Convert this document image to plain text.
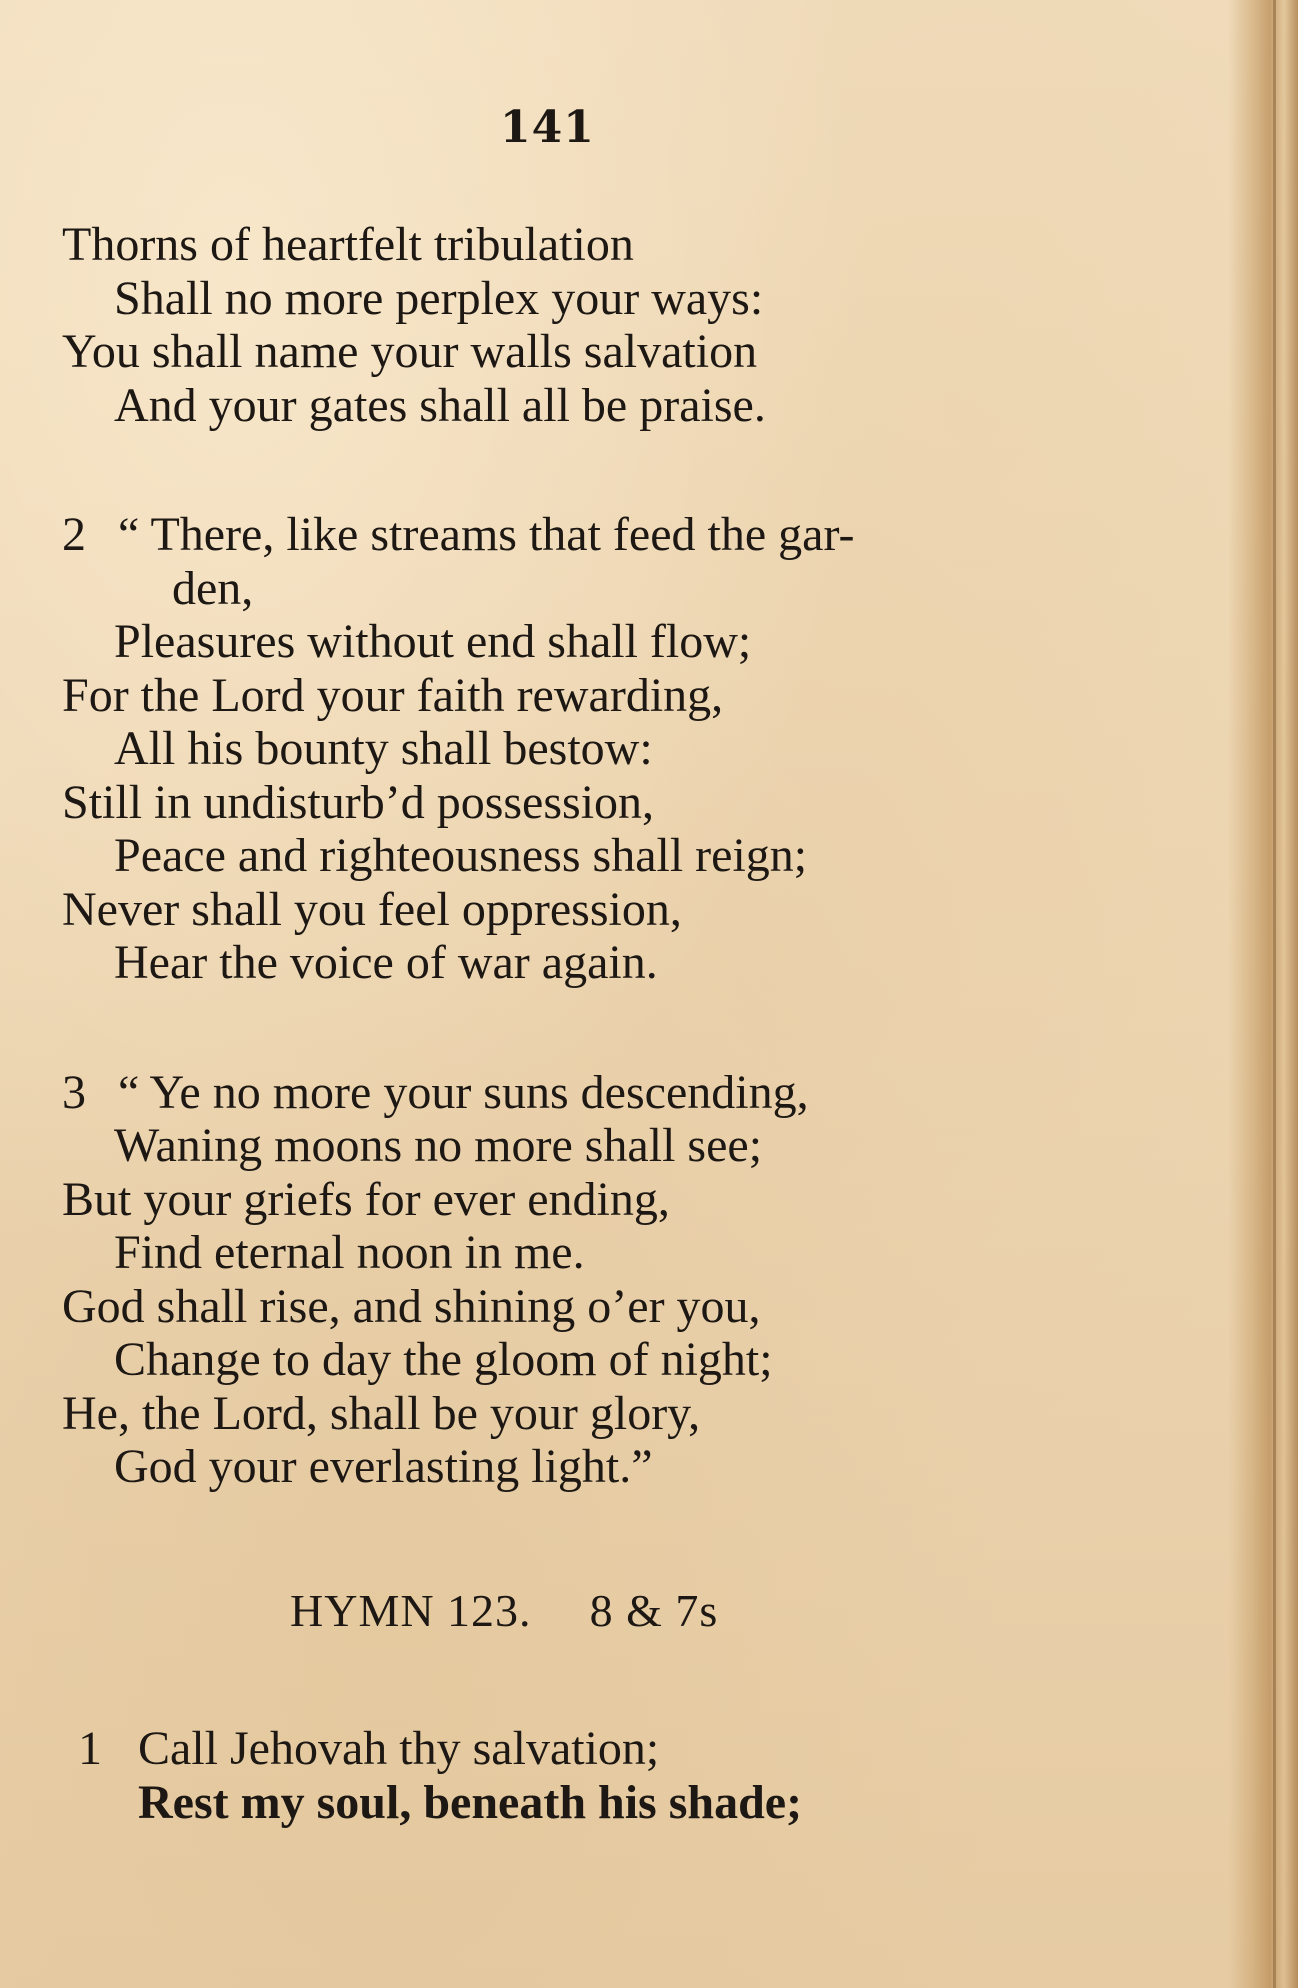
141
Thorns of heartfelt tribulation
Shall no more perplex your ways:
You shall name your walls salvation
And your gates shall all be praise.
2 “ There, like streams that feed the gar-
den,
Pleasures without end shall flow;
For the Lord your faith rewarding,
All his bounty shall bestow:
Still in undisturb’d possession,
Peace and righteousness shall reign;
Never shall you feel oppression,
Hear the voice of war again.
3 “ Ye no more your suns descending,
Waning moons no more shall see;
But your griefs for ever ending,
Find eternal noon in me.
God shall rise, and shining o’er you,
Change to day the gloom of night;
He, the Lord, shall be your glory,
God your everlasting light.”
HYMN 123. 8 & 7s
1 Call Jehovah thy salvation;
Rest my soul, beneath his shade;
